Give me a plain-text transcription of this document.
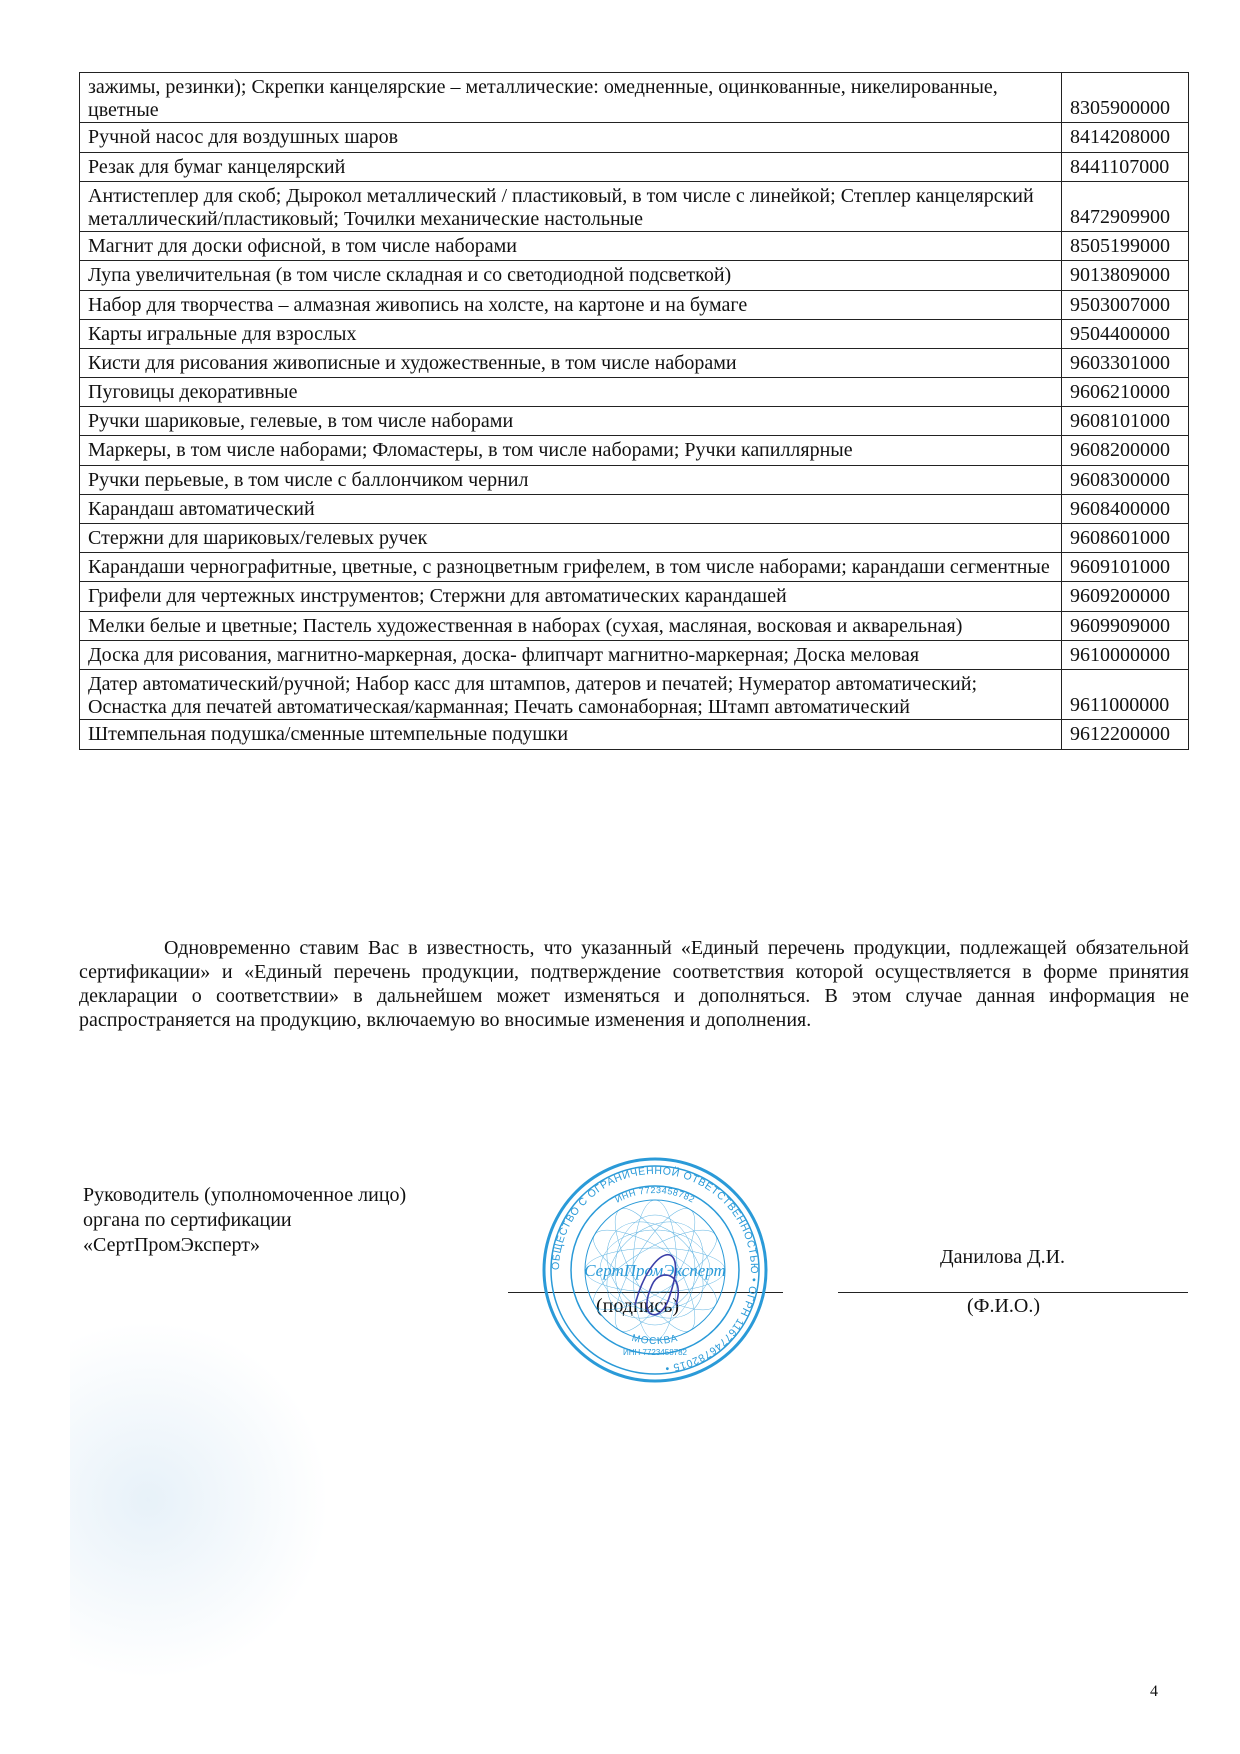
зажимы, резинки); Скрепки канцелярские – металлические: омедненные, оцинкованные, никелированные, цветные	8305900000
Ручной насос для воздушных шаров	8414208000
Резак для бумаг канцелярский	8441107000
Антистеплер для скоб; Дырокол металлический / пластиковый, в том числе с линейкой; Степлер канцелярский металлический/пластиковый; Точилки механические настольные	8472909900
Магнит для доски офисной, в том числе наборами	8505199000
Лупа увеличительная (в том числе складная и со светодиодной подсветкой)	9013809000
Набор для творчества – алмазная живопись на холсте, на картоне и на бумаге	9503007000
Карты игральные для взрослых	9504400000
Кисти для рисования живописные и художественные, в том числе наборами	9603301000
Пуговицы декоративные	9606210000
Ручки шариковые, гелевые, в том числе наборами	9608101000
Маркеры, в том числе наборами; Фломастеры, в том числе наборами; Ручки капиллярные	9608200000
Ручки перьевые, в том числе с баллончиком чернил	9608300000
Карандаш автоматический	9608400000
Стержни для шариковых/гелевых ручек	9608601000
Карандаши чернографитные, цветные, с разноцветным грифелем, в том числе наборами; карандаши сегментные	9609101000
Грифели для чертежных инструментов; Стержни для автоматических карандашей	9609200000
Мелки белые и цветные; Пастель художественная в наборах (сухая, масляная, восковая и акварельная)	9609909000
Доска для рисования, магнитно-маркерная, доска- флипчарт магнитно-маркерная; Доска меловая	9610000000
Датер автоматический/ручной; Набор касс для штампов, датеров и печатей; Нумератор автоматический; Оснастка для печатей автоматическая/карманная; Печать самонаборная; Штамп автоматический	9611000000
Штемпельная подушка/сменные штемпельные подушки	9612200000

Одновременно ставим Вас в известность, что указанный «Единый перечень продукции, подлежащей обязательной сертификации» и «Единый перечень продукции, подтверждение соответствия которой осуществляется в форме принятия декларации о соответствии» в дальнейшем может изменяться и дополняться. В этом случае данная информация не распространяется на продукцию, включаемую во вносимые изменения и дополнения.

Руководитель (уполномоченное лицо)

органа по сертификации

«СертПромЭксперт»

(подпись)

Данилова Д.И.

(Ф.И.О.)

ОБЩЕСТВО С ОГРАНИЧЕННОЙ ОТВЕТСТВЕННОСТЬЮ • ОГРН 1167746782015 •
ИНН 7723458782
МОСКВА
ИНН 7723458782
СертПромЭксперт
4
